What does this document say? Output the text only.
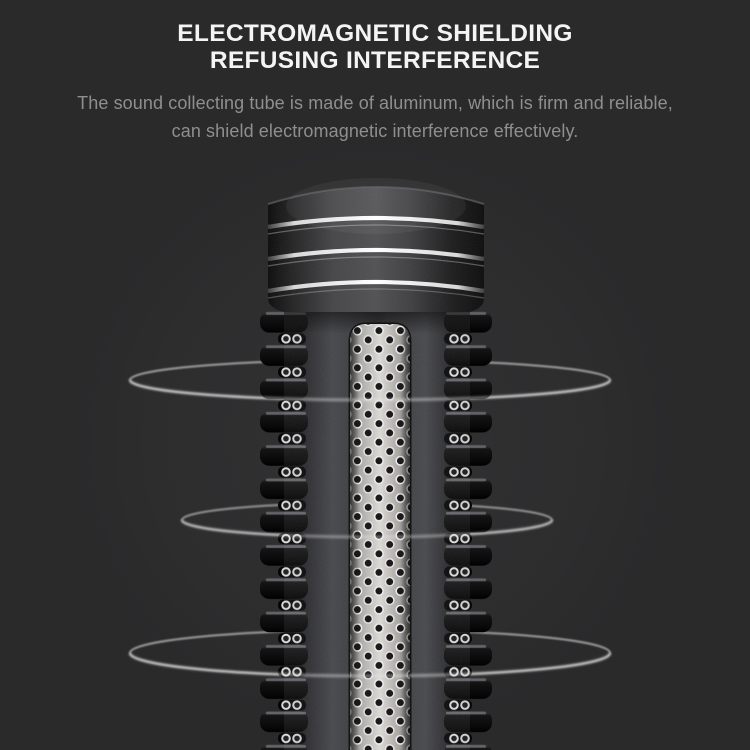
ELECTROMAGNETIC SHIELDING
REFUSING INTERFERENCE

The sound collecting tube is made of aluminum, which is firm and reliable,
can shield electromagnetic interference effectively.
